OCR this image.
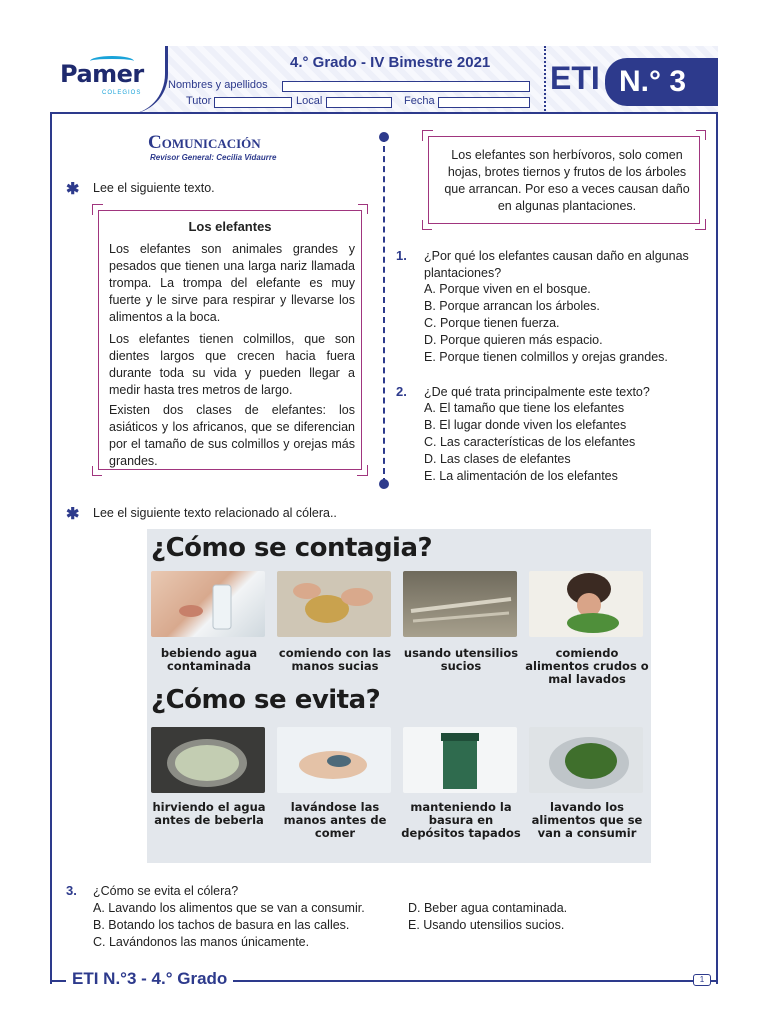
Pamer
COLEGIOS
4.° Grado - IV Bimestre 2021
Nombres y apellidos
Tutor	Local	Fecha
ETI N.° 3
Comunicación
Revisor General: Cecilia Vidaurre
✱ Lee el siguiente texto.
Los elefantes
Los elefantes son animales grandes y pesados que tienen una larga nariz llamada trompa. La trompa del elefante es muy fuerte y le sirve para respirar y llevarse los alimentos a la boca.
Los elefantes tienen colmillos, que son dientes largos que crecen hacia fuera durante toda su vida y pueden llegar a medir hasta tres metros de largo.
Existen dos clases de elefantes: los asiáticos y los africanos, que se diferencian por el tamaño de sus colmillos y orejas más grandes.
Los elefantes son herbívoros, solo comen hojas, brotes tiernos y frutos de los árboles que arrancan. Por eso a veces causan daño en algunas plantaciones.
1. ¿Por qué los elefantes causan daño en algunas plantaciones?
A. Porque viven en el bosque.
B. Porque arrancan los árboles.
C. Porque tienen fuerza.
D. Porque quieren más espacio.
E. Porque tienen colmillos y orejas grandes.
2. ¿De qué trata principalmente este texto?
A. El tamaño que tiene los elefantes
B. El lugar donde viven los elefantes
C. Las características de los elefantes
D. Las clases de elefantes
E. La alimentación de los elefantes
✱ Lee el siguiente texto relacionado al cólera..
¿Cómo se contagia?
bebiendo agua contaminada
comiendo con las manos sucias
usando utensilios sucios
comiendo alimentos crudos o mal lavados
¿Cómo se evita?
hirviendo el agua antes de beberla
lavándose las manos antes de comer
manteniendo la basura en depósitos tapados
lavando los alimentos que se van a consumir
3. ¿Cómo se evita el cólera?
A. Lavando los alimentos que se van a consumir.
B. Botando los tachos de basura en las calles.
C. Lavándonos las manos únicamente.
D. Beber agua contaminada.
E. Usando utensilios sucios.
ETI N.°3 - 4.° Grado	1
